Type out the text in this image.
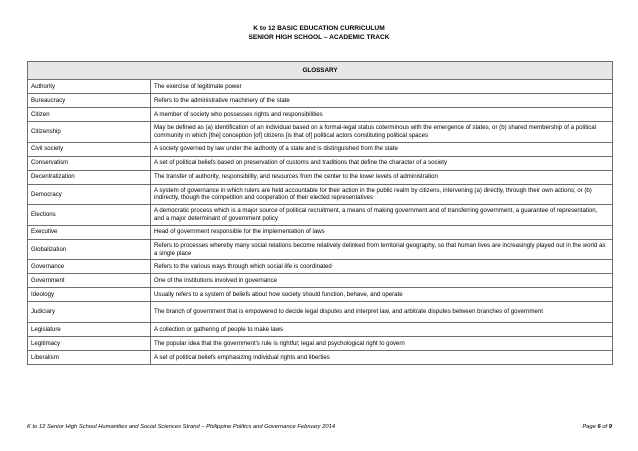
K to 12 BASIC EDUCATION CURRICULUM
SENIOR HIGH SCHOOL – ACADEMIC TRACK
GLOSSARY	
Authority	The exercise of legitimate power
Bureaucracy	Refers to the administrative machinery of the state
Citizen	A member of society who possesses rights and responsibilities
Citizenship	May be defined as (a) identification of an individual based on a formal-legal status coterminous with the emergence of states, or (b) shared membership of a political community in which [the] conception [of] citizens [is that of] political actors constituting political spaces
Civil society	A society governed by law under the authority of a state and is distinguished from the state
Conservatism	A set of political beliefs based on preservation of customs and traditions that define the character of a society
Decentralization	The transfer of authority, responsibility, and resources from the center to the lower levels of administration
Democracy	A system of governance in which rulers are held accountable for their action in the public realm by citizens, intervening (a) directly, through their own actions; or (b) indirectly, though the competition and cooperation of their elected representatives
Elections	A democratic process which is a major source of political recruitment, a means of making government and of transferring government, a guarantee of representation, and a major determinant of government policy
Executive	Head of government responsible for the implementation of laws
Globalization	Refers to processes whereby many social relations become relatively delinked from territorial geography, so that human lives are increasingly played out in the world as a single place
Governance	Refers to the various ways through which social life is coordinated
Government	One of the institutions involved in governance
Ideology	Usually refers to a system of beliefs about how society should function, behave, and operate
Judiciary	The branch of government that is empowered to decide legal disputes and interpret law, and arbitrate disputes between branches of government
Legislature	A collection or gathering of people to make laws
Legitimacy	The popular idea that the government's rule is rightful; legal and psychological right to govern
Liberalism	A set of political beliefs emphasizing individual rights and liberties
K to 12 Senior High School Humanities and Social Sciences Strand – Philippine Politics and Governance February 2014	Page 6 of 9
